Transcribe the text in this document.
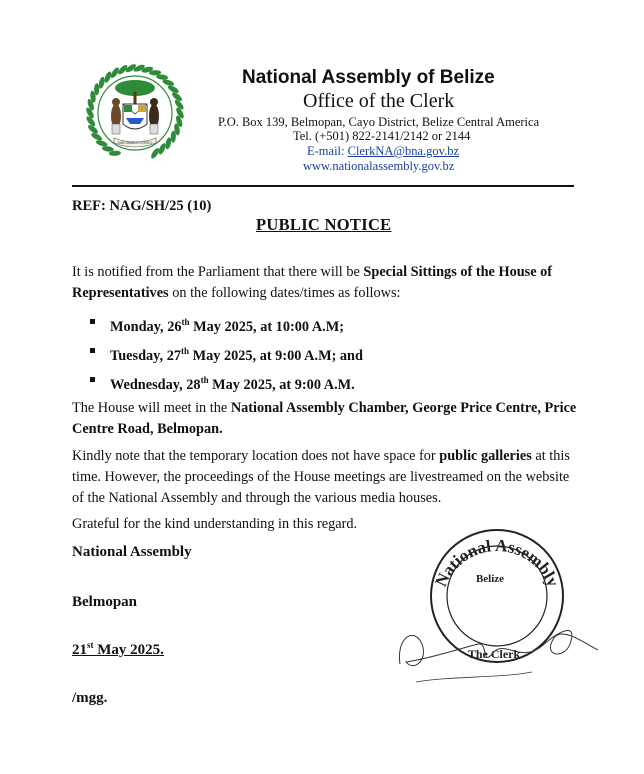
SUB UMBRA FLOREO
National Assembly of Belize
Office of the Clerk
P.O. Box 139, Belmopan, Cayo District, Belize Central America
Tel. (+501) 822-2141/2142 or 2144
E-mail: ClerkNA@bna.gov.bz
www.nationalassembly.gov.bz
REF: NAG/SH/25 (10)
PUBLIC NOTICE
It is notified from the Parliament that there will be Special Sittings of the House of Representatives on the following dates/times as follows:
Monday, 26th May 2025, at 10:00 A.M;
Tuesday, 27th May 2025, at 9:00 A.M; and
Wednesday, 28th May 2025, at 9:00 A.M.
The House will meet in the National Assembly Chamber, George Price Centre, Price Centre Road, Belmopan.
Kindly note that the temporary location does not have space for public galleries at this time. However, the proceedings of the House meetings are livestreamed on the website of the National Assembly and through the various media houses.
Grateful for the kind understanding in this regard.
National Assembly
Belmopan
21st May 2025.
/mgg.
National Assembly
Belize
The Clerk
